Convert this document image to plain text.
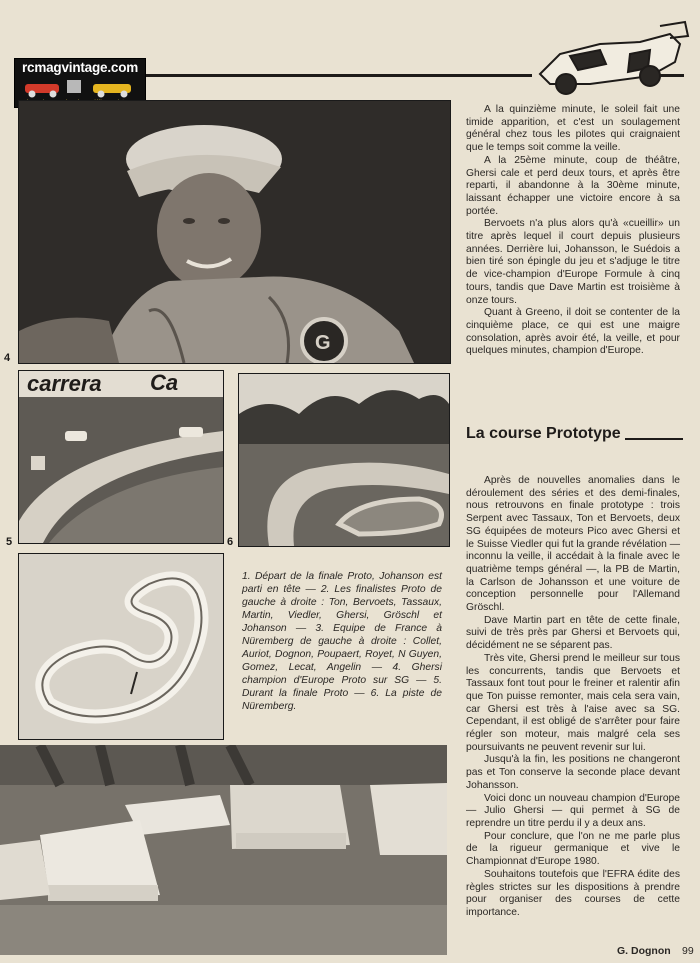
rcmagvintage.com
G
4
carrera
5
Ca
6
1. Départ de la finale Proto, Johanson est parti en tête — 2. Les finalistes Proto de gauche à droite : Ton, Bervoets, Tassaux, Martin, Viedler, Ghersi, Gröschl et Johanson — 3. Equipe de France à Nüremberg de gauche à droite : Collet, Auriot, Dognon, Poupaert, Royet, N Guyen, Gomez, Lecat, Angelin — 4. Ghersi champion d'Europe Proto sur SG — 5. Durant la finale Proto — 6. La piste de Nüremberg.

A la quinzième minute, le soleil fait une timide apparition, et c'est un soulagement général chez tous les pilotes qui craignaient que le temps soit comme la veille.

A la 25ème minute, coup de théâtre, Ghersi cale et perd deux tours, et après être reparti, il abandonne à la 30ème minute, laissant échapper une victoire encore à sa portée.

Bervoets n'a plus alors qu'à «cueillir» un titre après lequel il court depuis plusieurs années. Derrière lui, Johansson, le Suédois a bien tiré son épingle du jeu et s'adjuge le titre de vice-champion d'Europe Formule à cinq tours, tandis que Dave Martin est troisième à onze tours.

Quant à Greeno, il doit se contenter de la cinquième place, ce qui est une maigre consolation, après avoir été, la veille, et pour quelques minutes, champion d'Europe.

La course Prototype

Après de nouvelles anomalies dans le déroulement des séries et des demi-finales, nous retrouvons en finale prototype : trois Serpent avec Tassaux, Ton et Bervoets, deux SG équipées de moteurs Pico avec Ghersi et le Suisse Viedler qui fut la grande révélation — inconnu la veille, il accédait à la finale avec le quatrième temps général —, la PB de Martin, la Carlson de Johansson et une voiture de conception personnelle pour l'Allemand Gröschl.

Dave Martin part en tête de cette finale, suivi de très près par Ghersi et Bervoets qui, décidément ne se séparent pas.

Très vite, Ghersi prend le meilleur sur tous les concurrents, tandis que Bervoets et Tassaux font tout pour le freiner et ralentir afin que Ton puisse remonter, mais cela sera vain, car Ghersi est très à l'aise avec sa SG. Cependant, il est obligé de s'arrêter pour faire régler son moteur, mais malgré cela ses poursuivants ne peuvent revenir sur lui.

Jusqu'à la fin, les positions ne changeront pas et Ton conserve la seconde place devant Johansson.

Voici donc un nouveau champion d'Europe — Julio Ghersi — qui permet à SG de reprendre un titre perdu il y a deux ans.

Pour conclure, que l'on ne me parle plus de la rigueur germanique et vive le Championnat d'Europe 1980.

Souhaitons toutefois que l'EFRA édite des règles strictes sur les dispositions à prendre pour organiser des courses de cette importance.

G. Dognon 99
